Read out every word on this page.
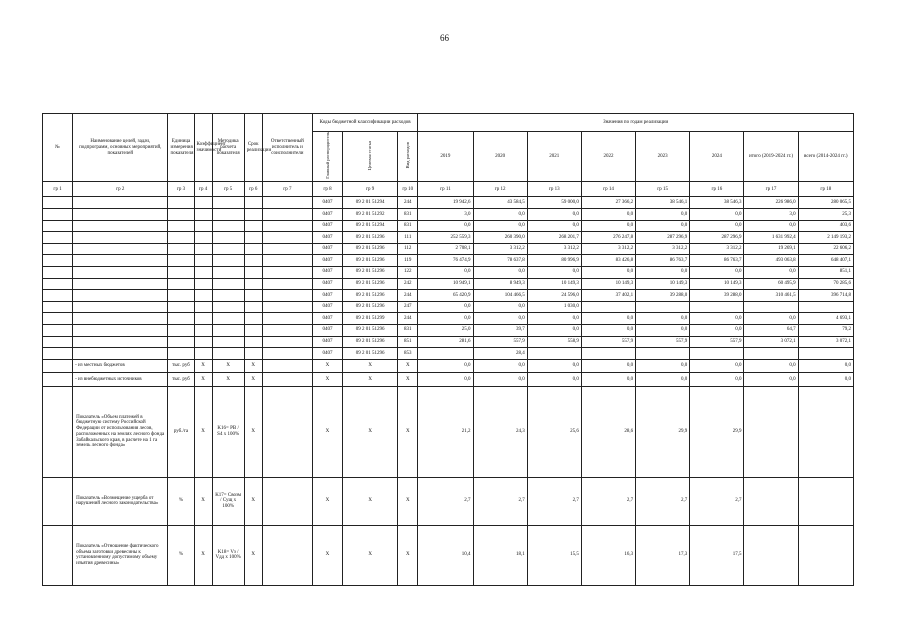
66
№	Наименование целей, задач, подпрограмм, основных мероприятий, показателей	Единица измерения показателя	Коэффициент значимости	Методика расчета показателя	Срок реализации	Ответственный исполнитель и соисполнители	Коды бюджетной классификации расходов			Значения по годам реализации							
							Главный распорядитель	Целевая статья	Вид расходов	2019	2020	2021	2022	2023	2024	итого (2019-2024 гг.)	всего (2014-2024 гг.)
гр 1	гр 2	гр 3	гр 4	гр 5	гр 6	гр 7	гр 8	гр 9	гр 10	гр 11	гр 12	гр 13	гр 14	гр 15	гр 16	гр 17	гр 18
							0407	09 2 01 51294	244	19 942,6	43 584,5	59 000,0	27 366,2	38 546,1	38 546,3	226 986,0	280 065,5
							0407	09 2 01 51292	831	3,0	0,0	0,0	0,0	0,0	0,0	3,0	25,3
							0407	09 2 01 51294	831	0,0	0,0	0,0	0,0	0,0	0,0	0,0	403,6
							0407	09 2 01 51296	111	252 559,3	260 390,0	268 201,7	276 247,8	287 296,9	287 296,9	1 631 992,4	2 149 193,2
							0407	09 2 01 51296	112	2 708,1	3 312,2	3 312,2	3 312,2	3 312,2	3 312,2	19 269,1	22 606,2
							0407	09 2 01 51296	119	76 474,9	78 637,8	80 996,9	83 426,8	86 763,7	86 763,7	493 063,8	648 407,1
							0407	09 2 01 51296	122	0,0	0,0	0,0	0,0	0,0	0,0	0,0	851,1
							0407	09 2 01 51296	242	10 949,1	8 949,3	10 149,3	10 149,3	10 149,3	10 149,3	60 495,9	70 285,6
							0407	09 2 01 51296	244	65 420,9	104 466,5	24 596,0	37 402,1	39 288,0	39 288,0	310 461,5	396 714,8
							0407	09 2 01 51296	247	0,0	0,0	1 030,0					
							0407	09 2 01 51299	244	0,0	0,0	0,0	0,0	0,0	0,0	0,0	4 693,1
							0407	09 2 01 51296	831	25,0	39,7	0,0	0,0	0,0	0,0	64,7	79,2
							0407	09 2 01 51296	851	281,6	557,9	558,9	557,9	557,9	557,9	3 072,1	3 072,1
							0407	09 2 01 51296	853		28,4						
	- из местных бюджетов	тыс. руб	X	X	X		X	X	X	0,0	0,0	0,0	0,0	0,0	0,0	0,0	0,0
	- из внебюджетных источников	тыс. руб	X	X	X		X	X	X	0,0	0,0	0,0	0,0	0,0	0,0	0,0	0,0
	Показатель «Объем платежей в бюджетную систему Российской Федерации от использования лесов, расположенных на землях лесного фонда Забайкальского края, в расчете на 1 га земель лесного фонда»	руб./га	X	K16= PB / S4 x 100%	X		X	X	X	21,2	24,3	25,6	28,6	29,9	29,9		
	Показатель «Возмещение ущерба от нарушений лесного законодательства»	%	X	K17= Свозм / Сущ x 100%	X		X	X	X	2,7	2,7	2,7	2,7	2,7	2,7		
	Показатель «Отношение фактического объема заготовки древесины к установленному допустимому объему изъятия древесины»	%	X	K18= Vз / Vдд x 100%	X		X	X	X	10,4	18,1	15,5	16,3	17,3	17,5		
